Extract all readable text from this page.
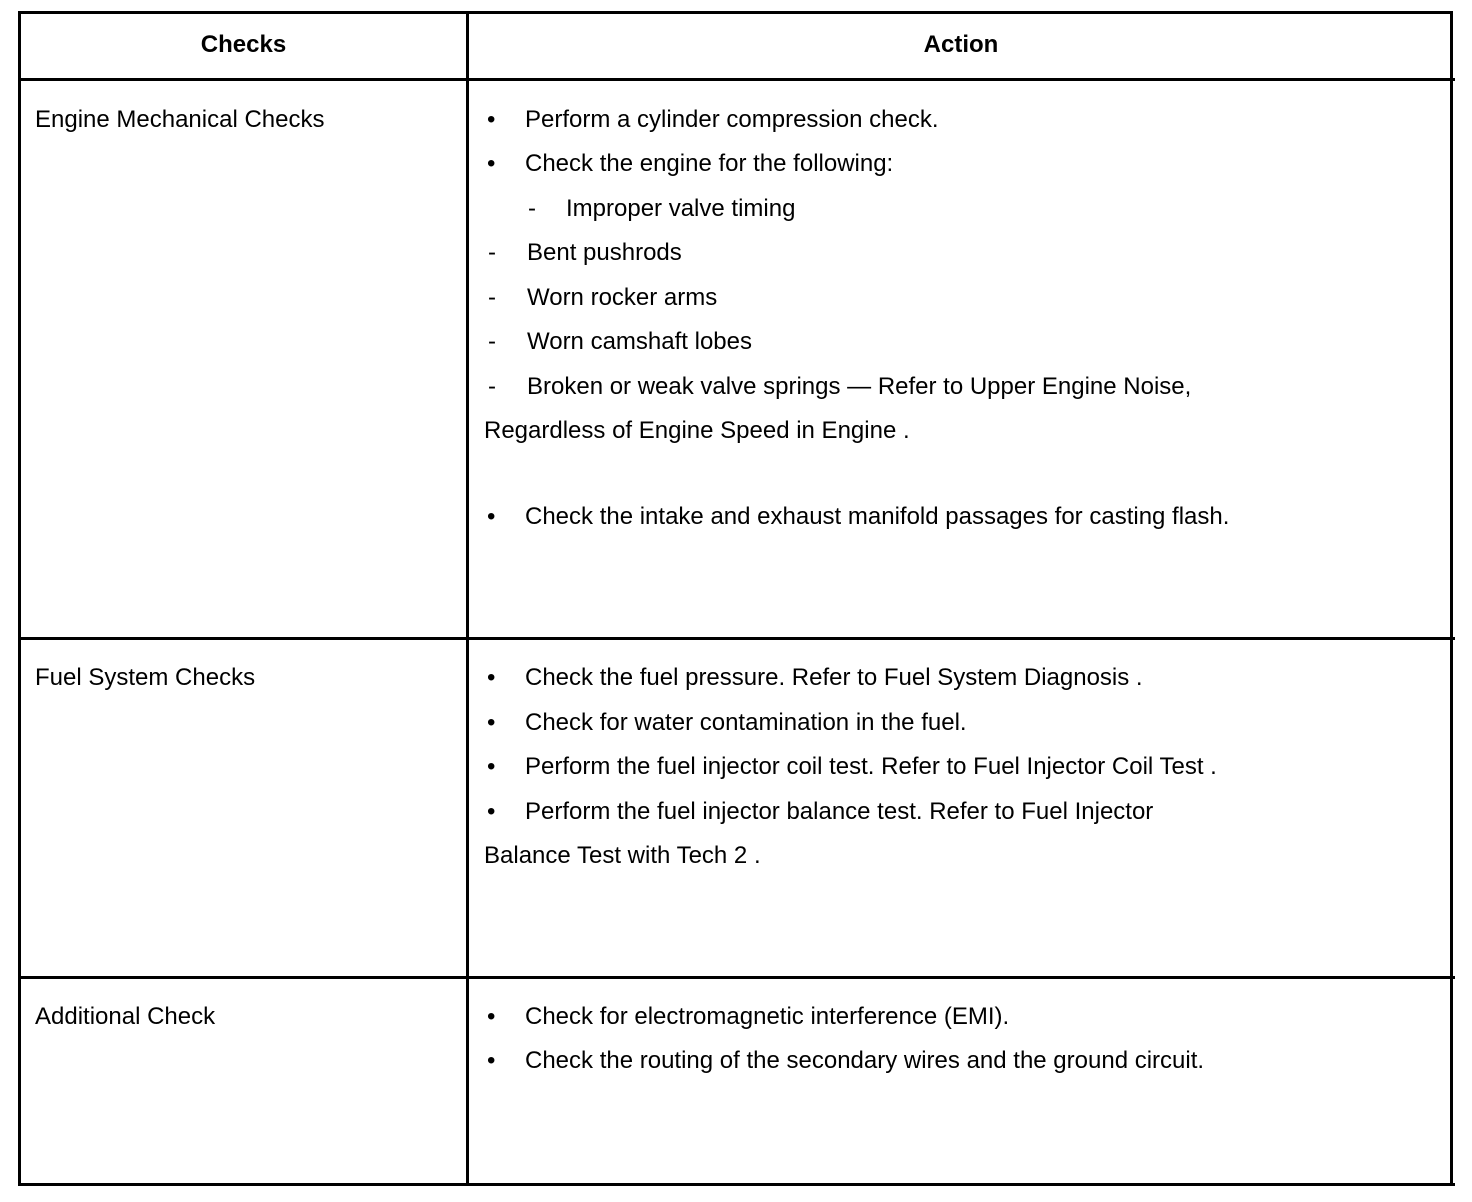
Checks	Action
Engine Mechanical Checks	• Perform a cylinder compression check.
• Check the engine for the following:
- Improper valve timing
- Bent pushrods
- Worn rocker arms
- Worn camshaft lobes
- Broken or weak valve springs — Refer to Upper Engine Noise,
Regardless of Engine Speed in Engine .
• Check the intake and exhaust manifold passages for casting flash.
Fuel System Checks	• Check the fuel pressure. Refer to Fuel System Diagnosis .
• Check for water contamination in the fuel.
• Perform the fuel injector coil test. Refer to Fuel Injector Coil Test .
• Perform the fuel injector balance test. Refer to Fuel Injector
Balance Test with Tech 2 .
Additional Check	• Check for electromagnetic interference (EMI).
• Check the routing of the secondary wires and the ground circuit.
